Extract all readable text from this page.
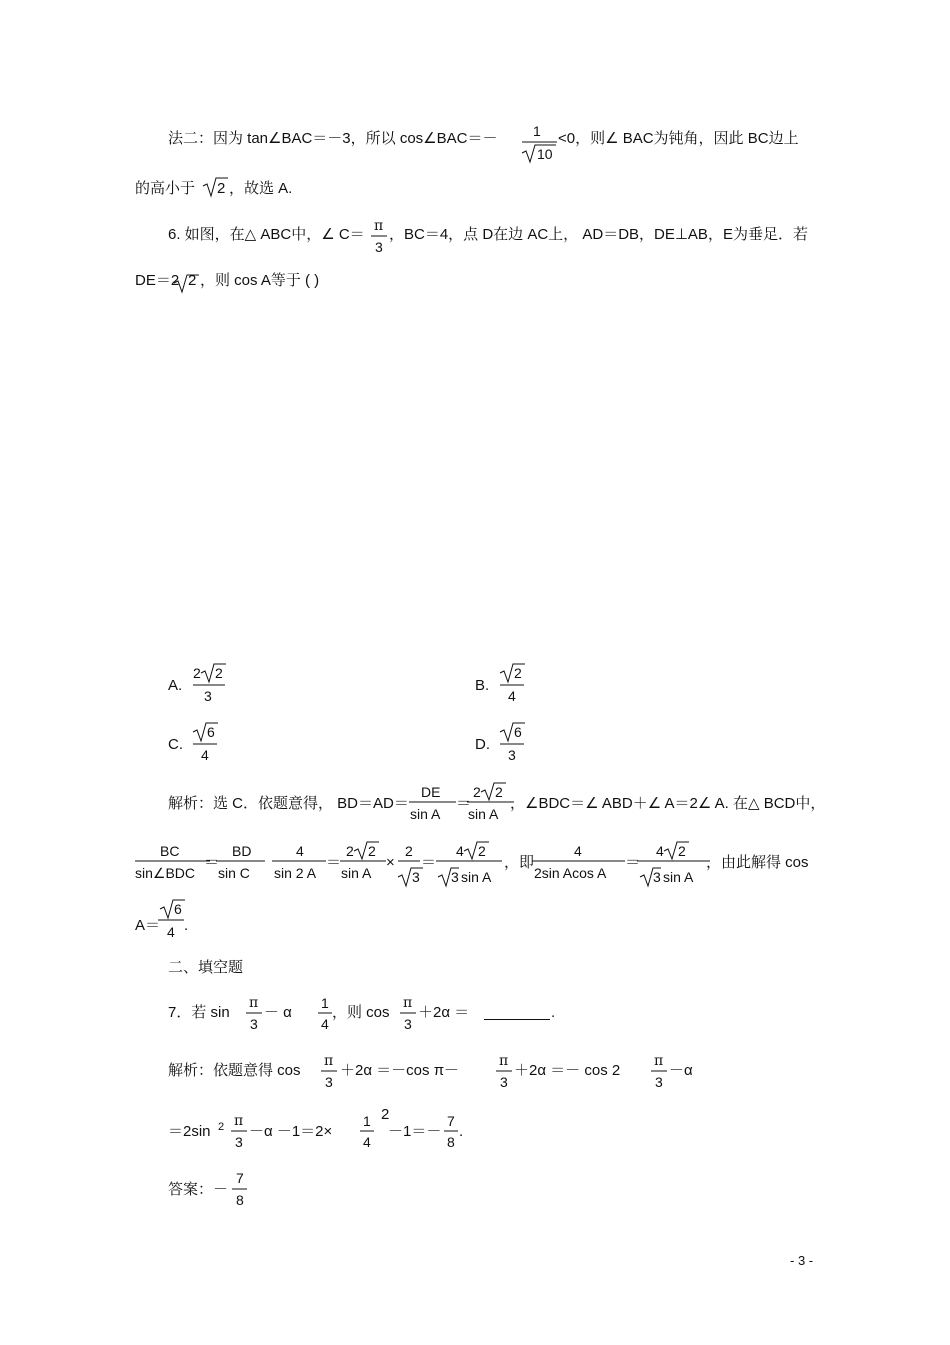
法二：因为 tan∠BAC＝－3，所以 cos∠BAC＝－	1
10
<0，则∠ BAC为钝角，因此 BC边上
的高小于 2 ，故选 A.
6. 如图，在△ ABC中，∠ C＝ π
3
，BC＝4，点 D在边 AC上， AD＝DB，DE⊥AB，E为垂足．若
DE＝2 2 ，则 cos A等于 ( )
A.
2 2
3
B.
2
4
C.
6
4
D.
6
3
解析：选 C．依题意得， BD＝AD＝
DE
sin A
＝
2 2
sin A
，∠BDC＝∠ ABD＋∠ A＝2∠ A. 在△ BCD中，
BC
sin∠BDC
＝
BD
sin C
4
sin 2 A
＝
2 2
sin A
×
2
3
＝
4 2
3 sin A
，即
4
2sin Acos A
＝
4 2
3 sin A
，由此解得 cos
A＝
6
4 .
二、填空题
7．若 sin
π
3
－ α
1
4
，则 cos
π
3
＋2α ＝	.
解析：依题意得 cos
π
3
＋2α ＝－cos π－
π
3
＋2α ＝－ cos 2
π
3
－α
＝2sin 2 π
3
－α －1＝2×
1
4
2
－1＝－
7
8
.
答案：－
7
8
- 3 -
